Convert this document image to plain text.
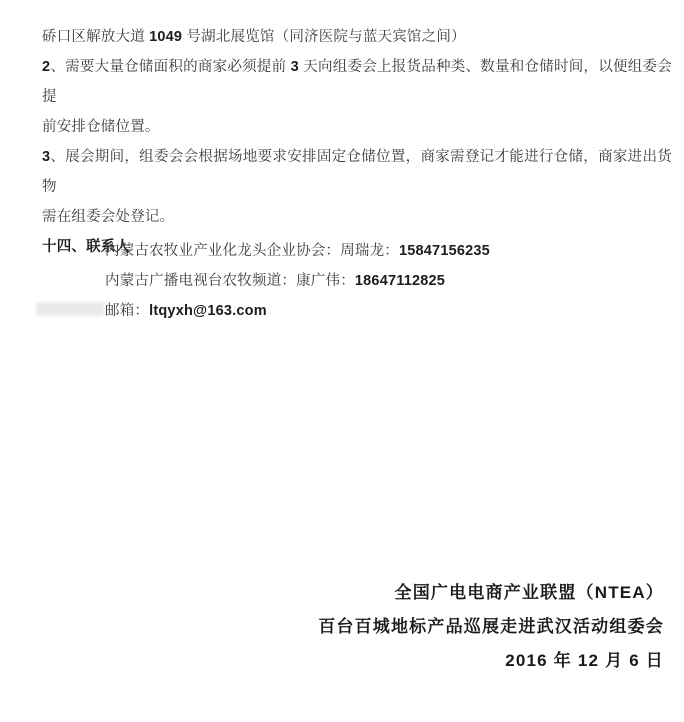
硚口区解放大道 1049 号湖北展览馆（同济医院与蓝天宾馆之间）
2、需要大量仓储面积的商家必须提前 3 天向组委会上报货品种类、数量和仓储时间，以便组委会提
前安排仓储位置。
3、展会期间，组委会会根据场地要求安排固定仓储位置，商家需登记才能进行仓储，商家进出货物
需在组委会处登记。
十四、联系人
内蒙古农牧业产业化龙头企业协会：周瑞龙：15847156235
内蒙古广播电视台农牧频道：康广伟：18647112825
邮箱：ltqyxh@163.com
全国广电电商产业联盟（NTEA）
百台百城地标产品巡展走进武汉活动组委会
2016 年 12 月 6 日
